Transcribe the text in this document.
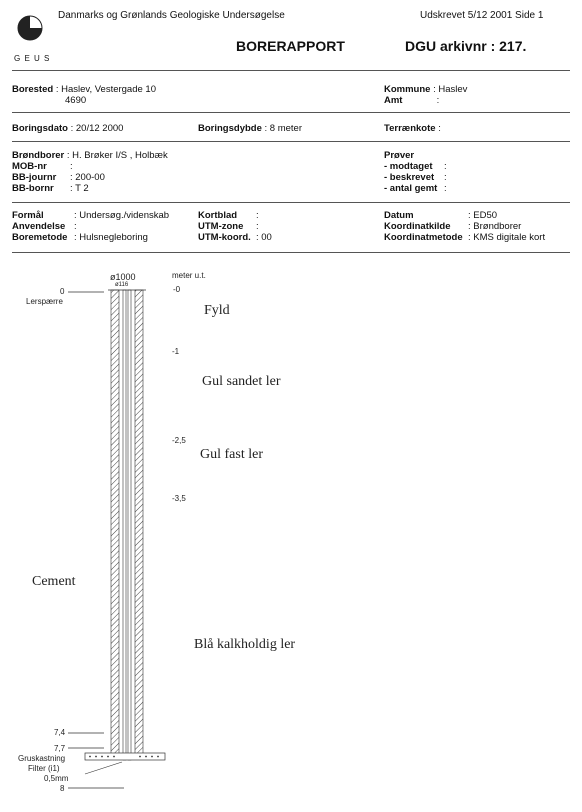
G E U S
Danmarks og Grønlands Geologiske Undersøgelse	Udskrevet 5/12 2001 Side 1
BORERAPPORT	DGU arkivnr : 217.
Borested : Haslev, Vestergade 10
4690
Kommune : Haslev
Amt	:
Boringsdato : 20/12 2000	Boringsdybde : 8 meter	Terrænkote :
Brøndborer : H. Brøker I/S , Holbæk
MOB-nr :
BB-journr : 200-00
BB-bornr : T 2
Prøver
- modtaget :
- beskrevet :
- antal gemt :
Formål	: Undersøg./videnskab
Anvendelse :
Boremetode : Hulsnegleboring
Kortblad :
UTM-zone :
UTM-koord. : 00
Datum	: ED50
Koordinatkilde : Brøndborer
Koordinatmetode : KMS digitale kort
ø1000
ø116
meter u.t.
0
Lerspærre
7,4
7,7
Gruskastning
Filter (i1)
0,5mm
8
Cement
-0
-1
-2,5
-3,5
Fyld
Gul sandet ler
Gul fast ler
Blå kalkholdig ler
